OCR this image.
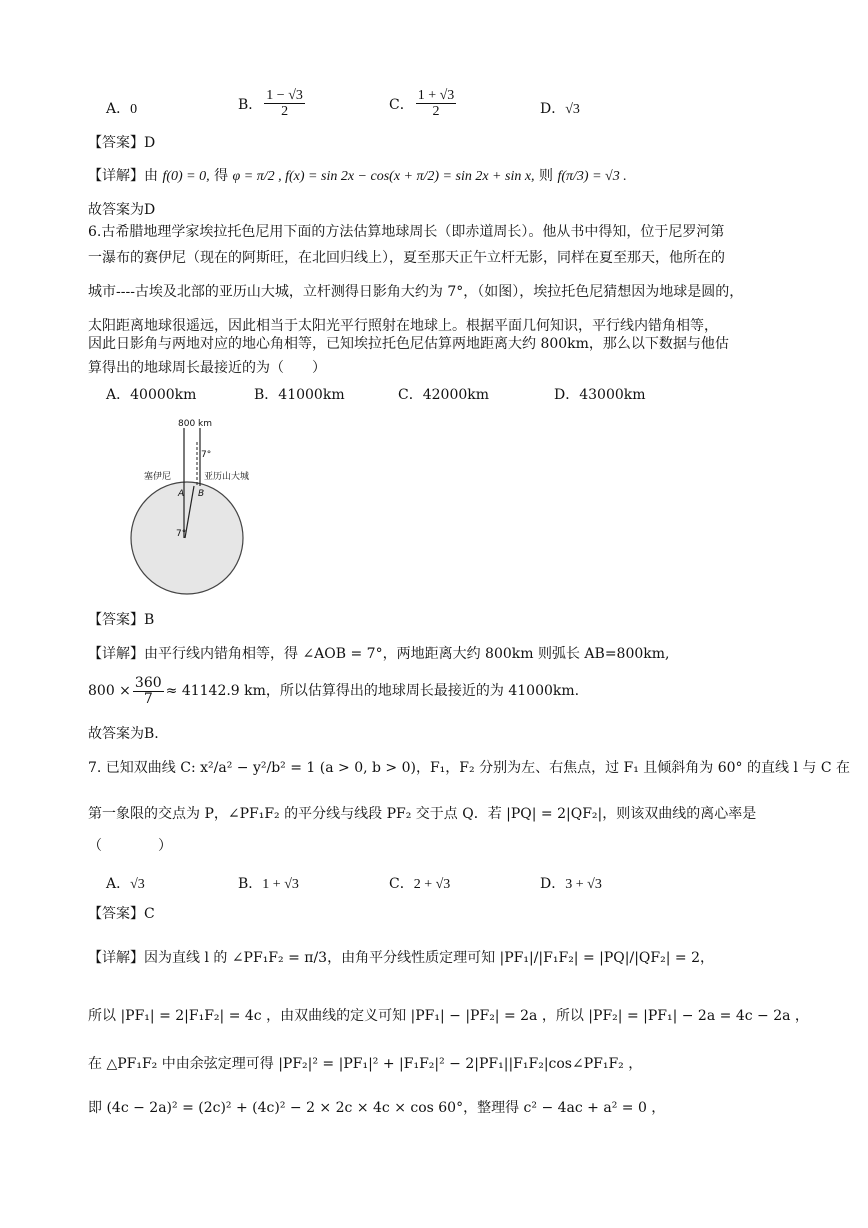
A．0	B． $\frac{1 - √3}{2}$	C． $\frac{1 + √3}{2}$	D．√3
【答案】D
【详解】由 f(0) = 0, 得 φ = π/2 , f(x) = sin 2x − cos(x + π/2) = sin 2x + sin x, 则 f(π/3) = √3 .
故答案为D
6.古希腊地理学家埃拉托色尼用下面的方法估算地球周长（即赤道周长）。他从书中得知，位于尼罗河第
一瀑布的赛伊尼（现在的阿斯旺，在北回归线上），夏至那天正午立杆无影，同样在夏至那天，他所在的
城市----古埃及北部的亚历山大城，立杆测得日影角大约为 7°，（如图），埃拉托色尼猜想因为地球是圆的，
太阳距离地球很遥远，因此相当于太阳光平行照射在地球上。根据平面几何知识，平行线内错角相等，
因此日影角与两地对应的地心角相等，已知埃拉托色尼估算两地距离大约 800km，那么以下数据与他估
算得出的地球周长最接近的为（　　）
A．40000km	B．41000km	C．42000km	D．43000km
800 km
7°
塞伊尼	亚历山大城
A B
7°
【答案】B
【详解】由平行线内错角相等，得 ∠AOB = 7°，两地距离大约 800km 则弧长 AB=800km,
$800 \times \frac{360}{7} \approx 41142.9$ km，所以估算得出的地球周长最接近的为 41000km.
故答案为B.
7. 已知双曲线 C: x²/a² − y²/b² = 1 (a > 0, b > 0)，F₁，F₂ 分别为左、右焦点，过 F₁ 且倾斜角为 60° 的直线 l 与 C 在
第一象限的交点为 P，∠PF₁F₂ 的平分线与线段 PF₂ 交于点 Q．若 |PQ| = 2|QF₂|，则该双曲线的离心率是
（　　　　）
A．√3	B．1 + √3	C．2 + √3	D．3 + √3
【答案】C
【详解】因为直线 l 的 ∠PF₁F₂ = π/3，由角平分线性质定理可知 |PF₁|/|F₁F₂| = |PQ|/|QF₂| = 2，
所以 |PF₁| = 2|F₁F₂| = 4c ，由双曲线的定义可知 |PF₁| − |PF₂| = 2a ，所以 |PF₂| = |PF₁| − 2a = 4c − 2a ，
在 △PF₁F₂ 中由余弦定理可得 |PF₂|² = |PF₁|² + |F₁F₂|² − 2|PF₁||F₁F₂|cos∠PF₁F₂ ，
即 (4c − 2a)² = (2c)² + (4c)² − 2 × 2c × 4c × cos 60°，整理得 c² − 4ac + a² = 0 ，
